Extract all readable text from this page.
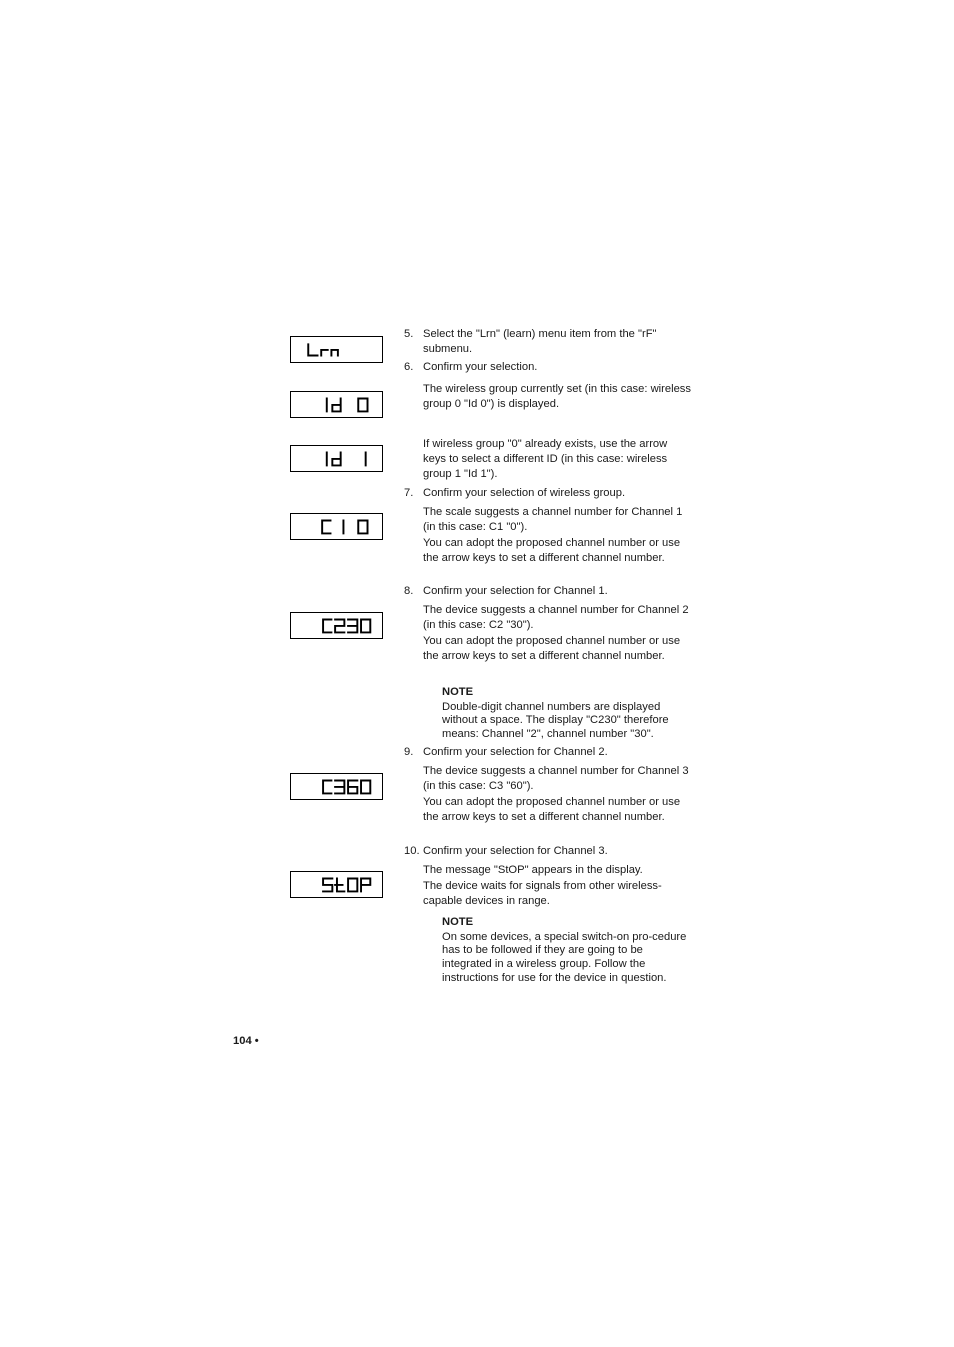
5. Select the "Lrn" (learn) menu item from the "rF" submenu.
6. Confirm your selection.
The wireless group currently set (in this case: wireless group 0 "Id 0") is displayed.
If wireless group "0" already exists, use the arrow keys to select a different ID (in this case: wireless group 1 "Id 1").
7. Confirm your selection of wireless group.
The scale suggests a channel number for Channel 1 (in this case: C1 "0").
You can adopt the proposed channel number or use the arrow keys to set a different channel number.
8. Confirm your selection for Channel 1.
The device suggests a channel number for Channel 2 (in this case: C2 "30").
You can adopt the proposed channel number or use the arrow keys to set a different channel number.
NOTE
Double-digit channel numbers are displayed without a space. The display "C230" therefore means: Channel "2", channel number "30".
9. Confirm your selection for Channel 2.
The device suggests a channel number for Channel 3 (in this case: C3 "60").
You can adopt the proposed channel number or use the arrow keys to set a different channel number.
10. Confirm your selection for Channel 3.
The message "StOP" appears in the display.
The device waits for signals from other wireless-capable devices in range.
NOTE
On some devices, a special switch-on pro-cedure has to be followed if they are going to be integrated in a wireless group. Follow the instructions for use for the device in question.
104 •
